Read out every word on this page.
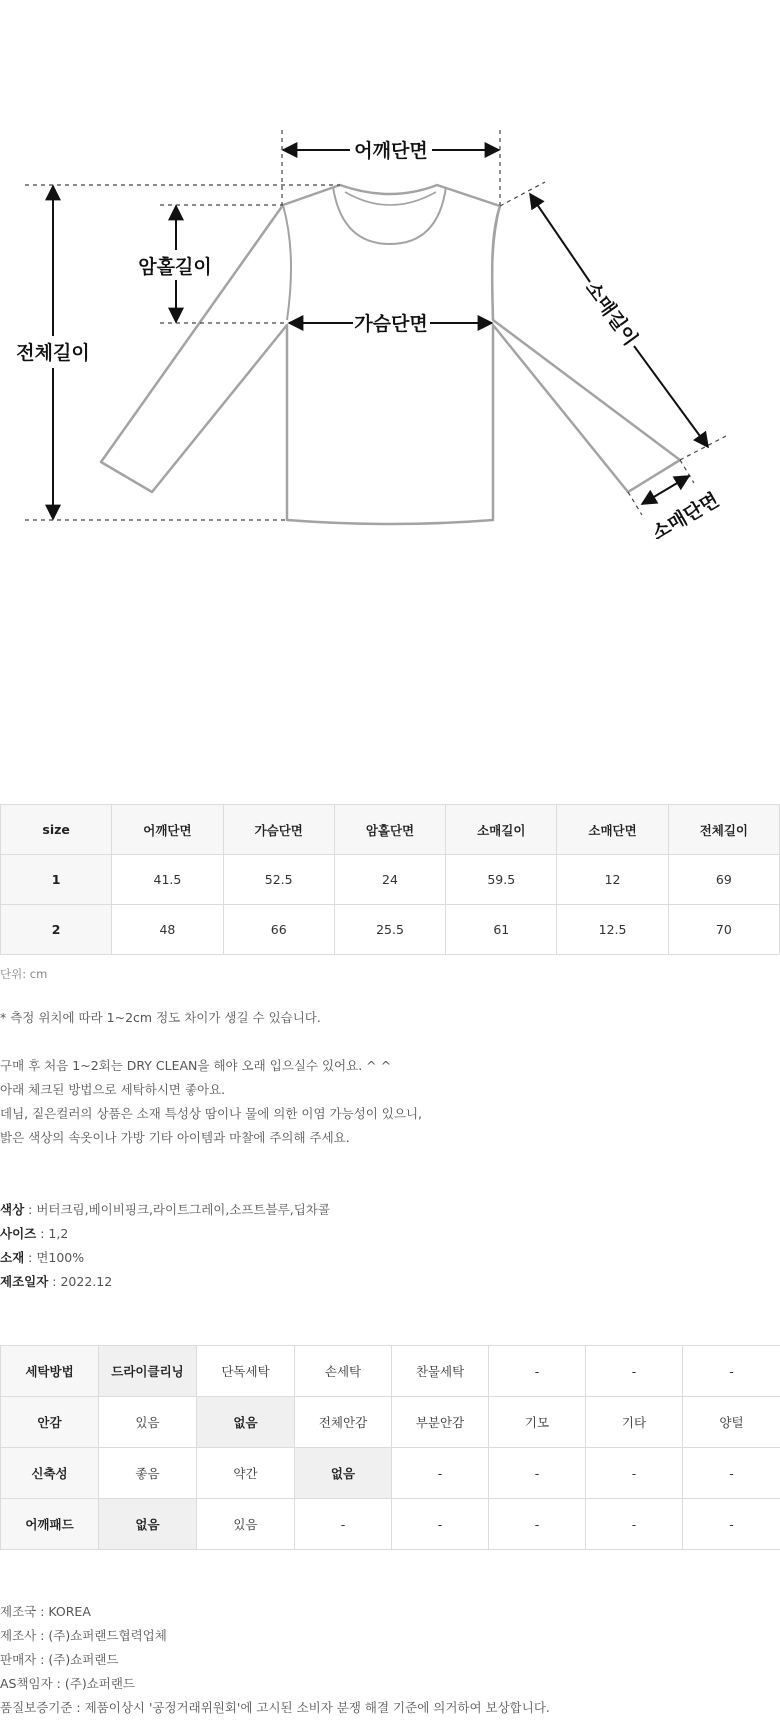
어깨단면
가슴단면
암홀길이
전체길이
소매길이
소매단면
size	어깨단면	가슴단면	암홀단면	소매길이	소매단면	전체길이
1	41.5	52.5	24	59.5	12	69
2	48	66	25.5	61	12.5	70
단위: cm

* 측정 위치에 따라 1~2cm 정도 차이가 생길 수 있습니다.

구매 후 처음 1~2회는 DRY CLEAN을 해야 오래 입으실수 있어요. ^ ^

아래 체크된 방법으로 세탁하시면 좋아요.

데님, 짙은컬러의 상품은 소재 특성상 땀이나 물에 의한 이염 가능성이 있으니,

밝은 색상의 속옷이나 가방 기타 아이템과 마찰에 주의해 주세요.

색상 : 버터크림,베이비핑크,라이트그레이,소프트블루,딥차콜

사이즈 : 1,2

소재 : 면100%

제조일자 : 2022.12

세탁방법	드라이클리닝	단독세탁	손세탁	찬물세탁	-	-	-
안감	있음	없음	전체안감	부분안감	기모	기타	양털
신축성	좋음	약간	없음	-	-	-	-
어깨패드	없음	있음	-	-	-	-	-

제조국 : KOREA

제조사 : (주)쇼퍼랜드협력업체

판매자 : (주)쇼퍼랜드

AS책임자 : (주)쇼퍼랜드

품질보증기준 : 제품이상시 '공정거래위원회'에 고시된 소비자 분쟁 해결 기준에 의거하여 보상합니다.
